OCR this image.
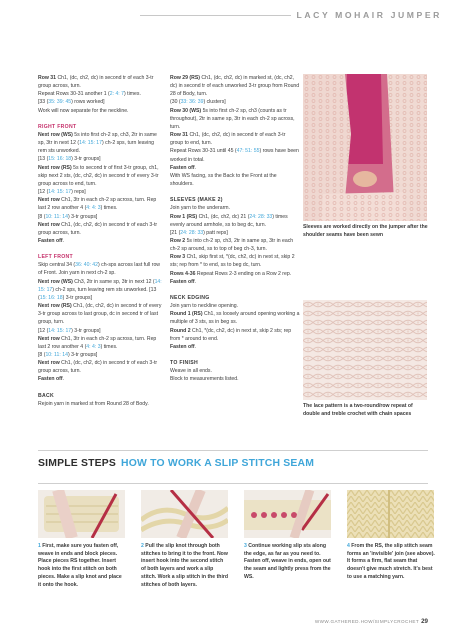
LACY MOHAIR JUMPER

Row 31 Ch1, (dc, ch2, dc) in second tr of each 3-tr group across, turn.

Repeat Rows 30-31 another 1 (2: 4: 7) times.

[33 (35: 39: 45) rows worked]

Work will now separate for the neckline.

RIGHT FRONT

Next row (WS) 5s into first ch-2 sp, ch3, 2tr in same sp, 3tr in next 12 (14: 15: 17) ch-2 sps, turn leaving rem sts unworked.

[13 (15: 16: 18) 3-tr groups]

Next row (RS) 5s to second tr of first 3-tr group, ch1, skip next 2 sts, (dc, ch2, dc) in second tr of every 3-tr group across to end, turn.

[12 (14: 15: 17) reps]

Next row Ch1, 3tr in each ch-2 sp across, turn. Rep last 2 row another 4 (4: 4: 3) times.

[8 (10: 11: 14) 3-tr groups]

Next row Ch1, (dc, ch2, dc) in second tr of each 3-tr group across, turn.

Fasten off.

LEFT FRONT

Skip central 34 (36: 40: 42) ch-sps across last full row of Front. Join yarn in next ch-2 sp.

Next row (WS) Ch3, 2tr in same sp, 3tr in next 12 (14: 15: 17) ch-2 sps, turn leaving rem sts unworked. [13 (15: 16: 18) 3-tr groups]

Next row (RS) Ch1, (dc, ch2, dc) in second tr of every 3-tr group across to last group, dc in second tr of last group, turn.

[12 (14: 15: 17) 3-tr groups]

Next row Ch1, 3tr in each ch-2 sp across, turn. Rep last 2 row another 4 (4: 4: 3) times.

[8 (10: 11: 14) 3-tr groups]

Next row Ch1, (dc, ch2, dc) in second tr of each 3-tr group across, turn.

Fasten off.

BACK

Rejoin yarn in marked st from Round 28 of Body.

Row 29 (RS) Ch1, (dc, ch2, dc) in marked st, (dc, ch2, dc) in second tr of each unworked 3-tr group from Round 28 of Body, turn.

(30 (33: 36: 39) clusters]

Row 30 (WS) 5s into first ch-2 sp, ch3 (counts as tr throughout), 2tr in same sp, 3tr in each ch-2 sp across, turn.

Row 31 Ch1, (dc, ch2, dc) in second tr of each 3-tr group to end, turn.

Repeat Rows 30-31 until 45 (47: 51: 55) rows have been worked in total.

Fasten off.

With WS facing, ss the Back to the Front at the shoulders.

SLEEVES (MAKE 2)

Join yarn to the underarm.

Row 1 (RS) Ch1, (dc, ch2, dc) 21 (24: 28: 33) times evenly around armhole, ss to beg dc, turn.

[21 (24: 28: 33) patt reps]

Row 2 5s into ch-2 sp, ch3, 2tr in same sp, 3tr in each ch-2 sp around, ss to top of beg ch-3, turn.

Row 3 Ch1, skip first st, *(dc, ch2, dc) in next st, skip 2 sts; rep from * to end, ss to beg dc, turn.

Rows 4-36 Repeat Rows 2-3 ending on a Row 2 rep.

Fasten off.

NECK EDGING

Join yarn to neckline opening.

Round 1 (RS) Ch1, ss loosely around opening working a multiple of 3 sts, ss in beg ss.

Round 2 Ch1, *(dc, ch2, dc) in next st, skip 2 sts; rep from * around to end.

Fasten off.

TO FINISH

Weave in all ends.

Block to measurements listed.

Sleeves are worked directly on the jumper after the shoulder seams have been sewn
The lace pattern is a two-round/row repeat of double and treble crochet with chain spaces
SIMPLE STEPS HOW TO WORK A SLIP STITCH SEAM
1 First, make sure you fasten off, weave in ends and block pieces. Place pieces RS together. Insert hook into the first stitch on both pieces. Make a slip knot and place it onto the hook.
2 Pull the slip knot through both stitches to bring it to the front. Now insert hook into the second stitch of both layers and work a slip stitch. Work a slip stitch in the third stitches of both layers.
3 Continue working slip sts along the edge, as far as you need to. Fasten off, weave in ends, open out the seam and lightly press from the WS.
4 From the RS, the slip stitch seam forms an 'invisible' join (see above). It forms a firm, flat seam that doesn't give much stretch. It's best to use a matching yarn.
WWW.GATHERED.HOW/SIMPLYCROCHET 29
